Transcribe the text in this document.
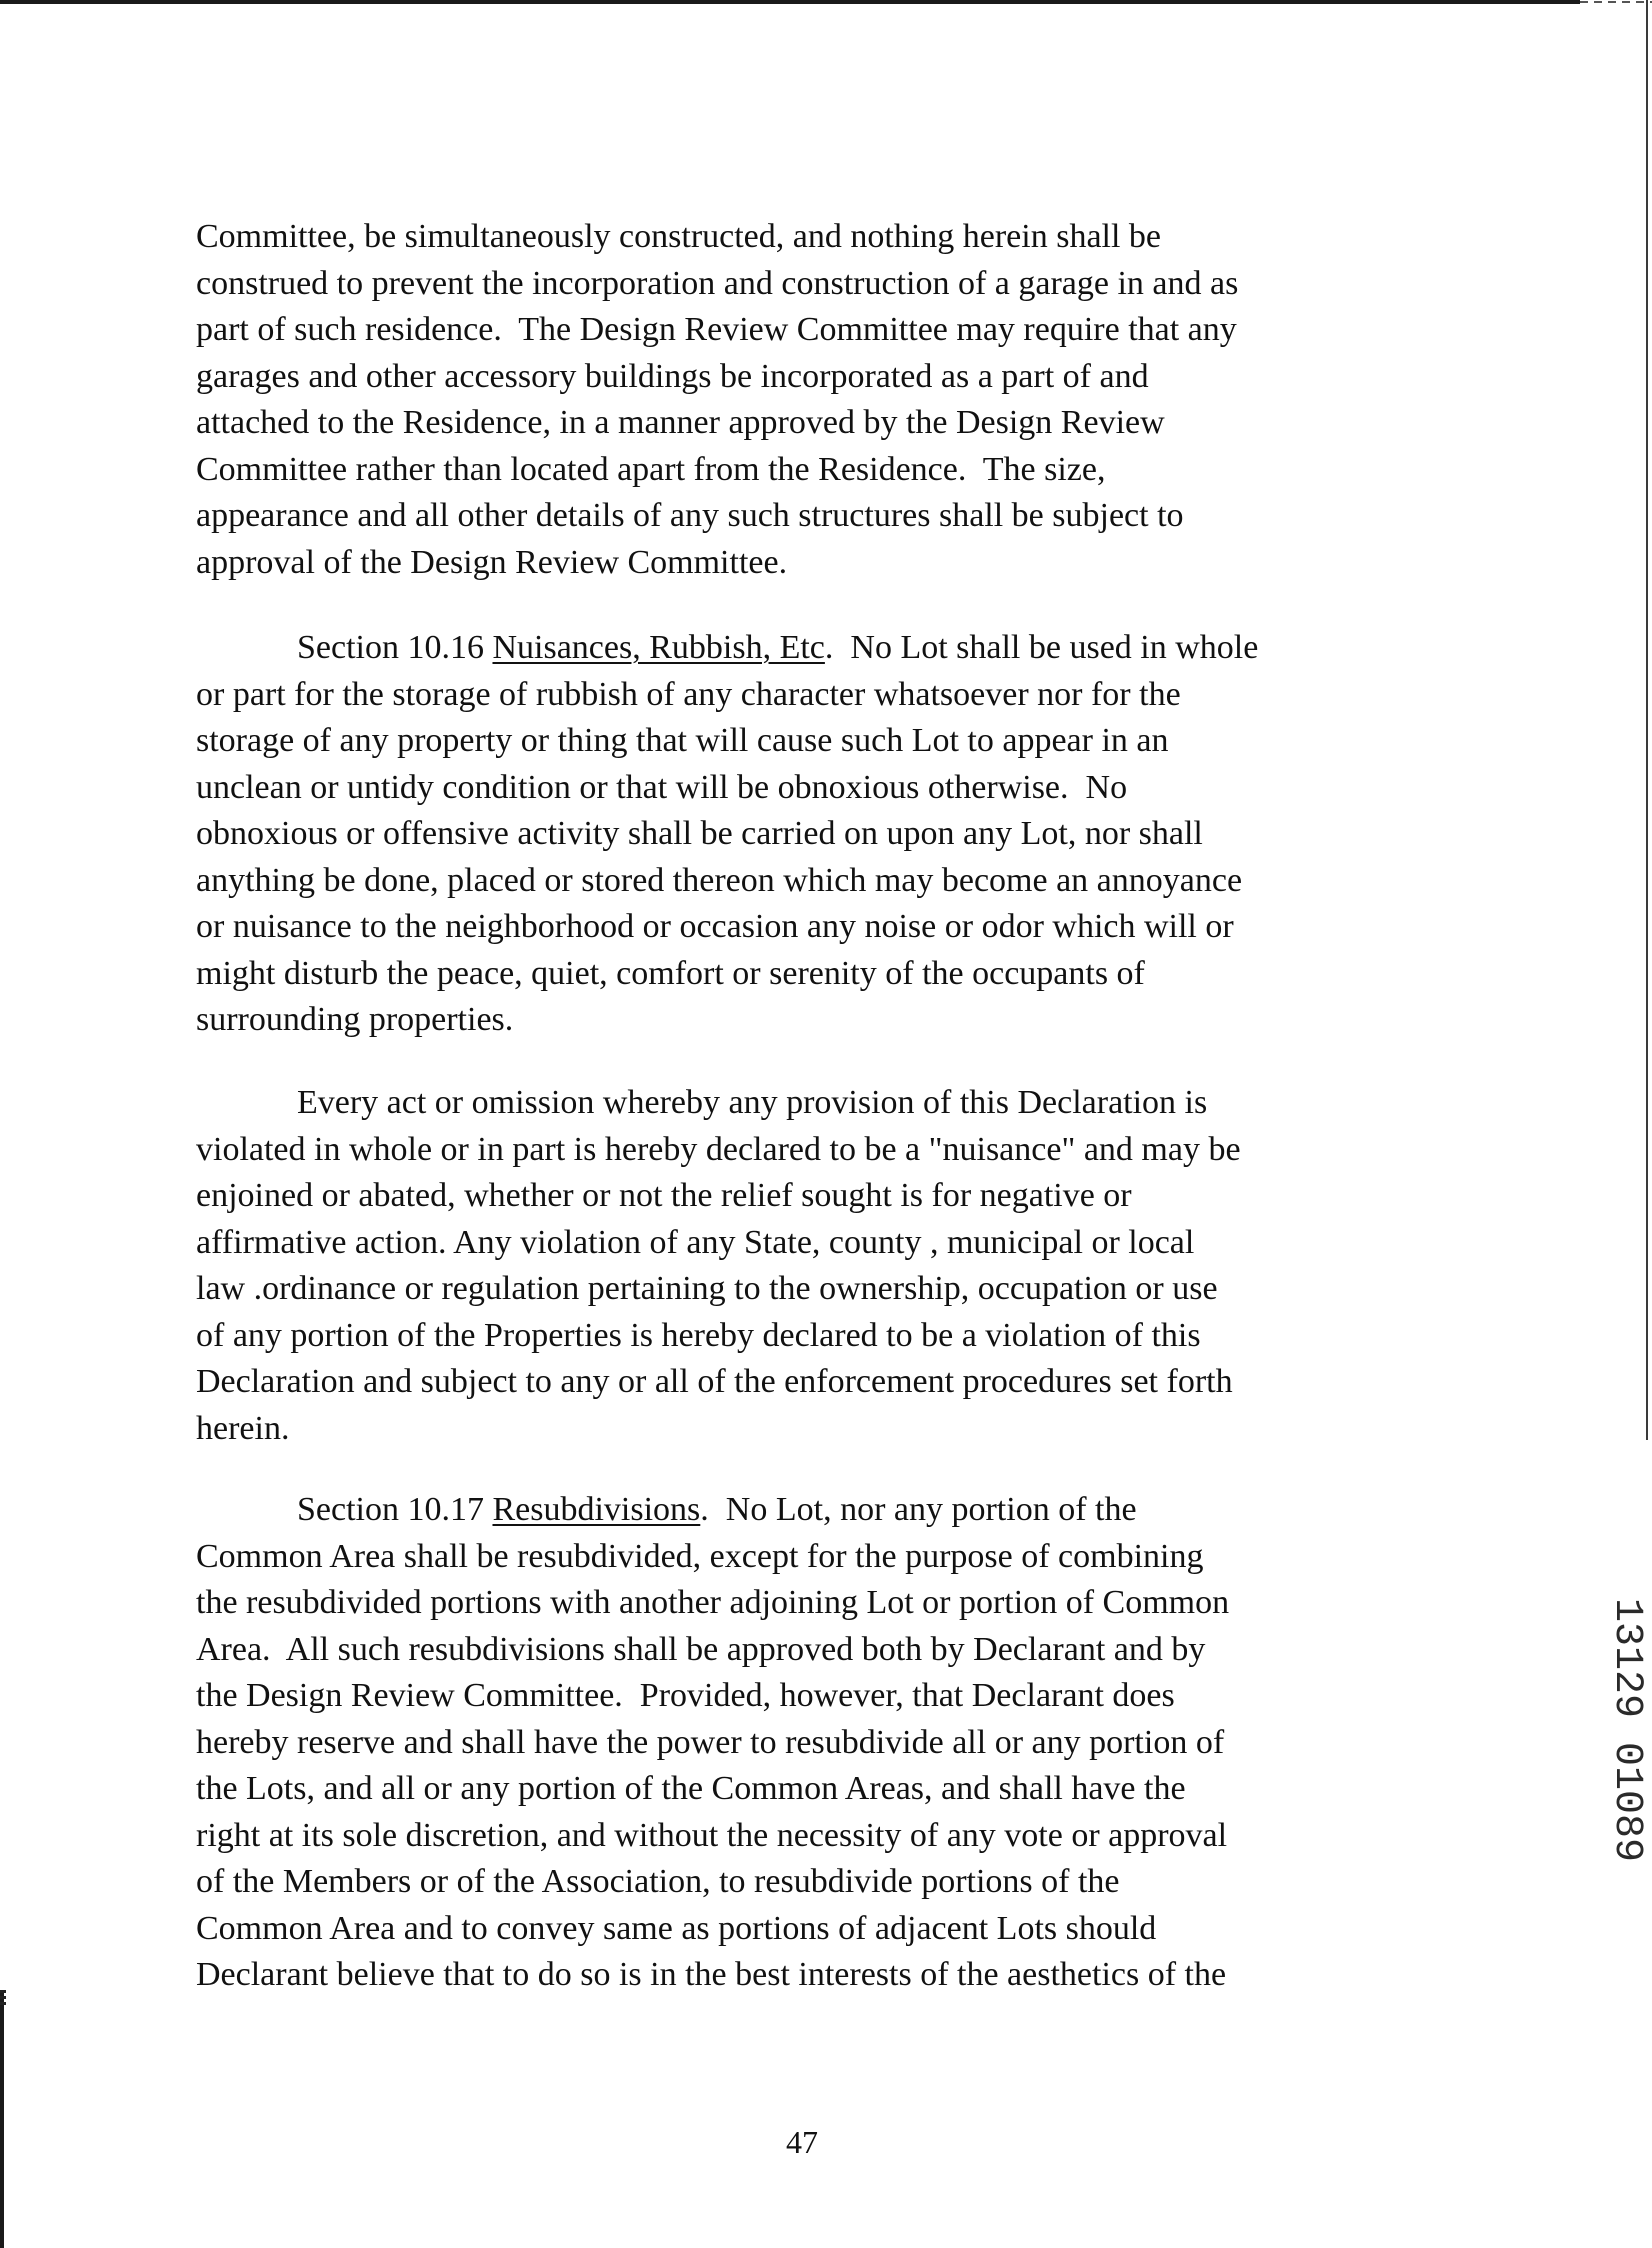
Committee, be simultaneously constructed, and nothing herein shall be
construed to prevent the incorporation and construction of a garage in and as
part of such residence.  The Design Review Committee may require that any
garages and other accessory buildings be incorporated as a part of and
attached to the Residence, in a manner approved by the Design Review
Committee rather than located apart from the Residence.  The size,
appearance and all other details of any such structures shall be subject to
approval of the Design Review Committee.
Section 10.16 Nuisances, Rubbish, Etc.  No Lot shall be used in whole
or part for the storage of rubbish of any character whatsoever nor for the
storage of any property or thing that will cause such Lot to appear in an
unclean or untidy condition or that will be obnoxious otherwise.  No
obnoxious or offensive activity shall be carried on upon any Lot, nor shall
anything be done, placed or stored thereon which may become an annoyance
or nuisance to the neighborhood or occasion any noise or odor which will or
might disturb the peace, quiet, comfort or serenity of the occupants of
surrounding properties.
Every act or omission whereby any provision of this Declaration is
violated in whole or in part is hereby declared to be a "nuisance" and may be
enjoined or abated, whether or not the relief sought is for negative or
affirmative action. Any violation of any State, county , municipal or local
law .ordinance or regulation pertaining to the ownership, occupation or use
of any portion of the Properties is hereby declared to be a violation of this
Declaration and subject to any or all of the enforcement procedures set forth
herein.
Section 10.17 Resubdivisions.  No Lot, nor any portion of the
Common Area shall be resubdivided, except for the purpose of combining
the resubdivided portions with another adjoining Lot or portion of Common
Area.  All such resubdivisions shall be approved both by Declarant and by
the Design Review Committee.  Provided, however, that Declarant does
hereby reserve and shall have the power to resubdivide all or any portion of
the Lots, and all or any portion of the Common Areas, and shall have the
right at its sole discretion, and without the necessity of any vote or approval
of the Members or of the Association, to resubdivide portions of the
Common Area and to convey same as portions of adjacent Lots should
Declarant believe that to do so is in the best interests of the aesthetics of the
13129 01089
47
